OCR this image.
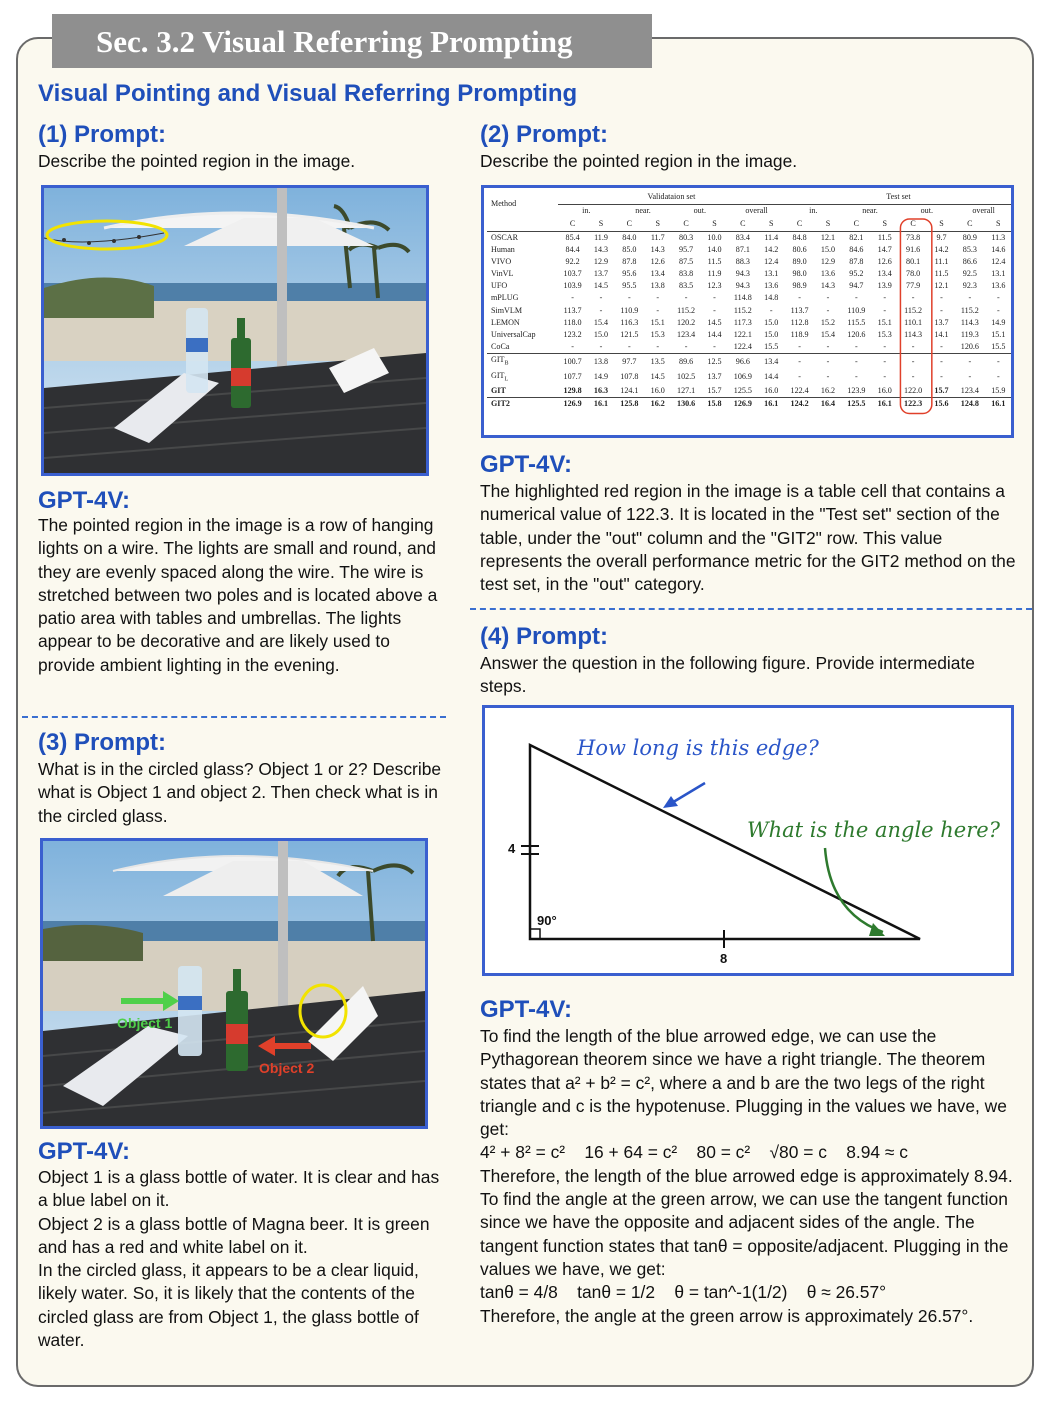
Sec. 3.2 Visual Referring Prompting
Visual Pointing and Visual Referring Prompting
(1) Prompt:
Describe the pointed region in the image.
GPT-4V:
The pointed region in the image is a row of hanging lights on a wire. The lights are small and round, and they are evenly spaced along the wire. The wire is stretched between two poles and is located above a patio area with tables and umbrellas. The lights appear to be decorative and are likely used to provide ambient lighting in the evening.
(3) Prompt:
What is in the circled glass? Object 1 or 2? Describe what is Object 1 and object 2. Then check what is in the circled glass.
Object 1
Object 2
GPT-4V:

Object 1 is a glass bottle of water. It is clear and has a blue label on it.

Object 2 is a glass bottle of Magna beer. It is green and has a red and white label on it.

In the circled glass, it appears to be a clear liquid, likely water. So, it is likely that the contents of the circled glass are from Object 1, the glass bottle of water.

(2) Prompt:
Describe the pointed region in the image.
Method	Validataion set								Test set							
	in.		near.		out.		overall		in.		near.		out.		overall	
	C	S	C	S	C	S	C	S	C	S	C	S	C	S	C	S
OSCAR	85.4	11.9	84.0	11.7	80.3	10.0	83.4	11.4	84.8	12.1	82.1	11.5	73.8	9.7	80.9	11.3
Human	84.4	14.3	85.0	14.3	95.7	14.0	87.1	14.2	80.6	15.0	84.6	14.7	91.6	14.2	85.3	14.6
VIVO	92.2	12.9	87.8	12.6	87.5	11.5	88.3	12.4	89.0	12.9	87.8	12.6	80.1	11.1	86.6	12.4
VinVL	103.7	13.7	95.6	13.4	83.8	11.9	94.3	13.1	98.0	13.6	95.2	13.4	78.0	11.5	92.5	13.1
UFO	103.9	14.5	95.5	13.8	83.5	12.3	94.3	13.6	98.9	14.3	94.7	13.9	77.9	12.1	92.3	13.6
mPLUG	-	-	-	-	-	-	114.8	14.8	-	-	-	-	-	-	-	-
SimVLM	113.7	-	110.9	-	115.2	-	115.2	-	113.7	-	110.9	-	115.2	-	115.2	-
LEMON	118.0	15.4	116.3	15.1	120.2	14.5	117.3	15.0	112.8	15.2	115.5	15.1	110.1	13.7	114.3	14.9
UniversalCap	123.2	15.0	121.5	15.3	123.4	14.4	122.1	15.0	118.9	15.4	120.6	15.3	114.3	14.1	119.3	15.1
CoCa	-	-	-	-	-	-	122.4	15.5	-	-	-	-	-	-	120.6	15.5
$GIT_B$	100.7	13.8	97.7	13.5	89.6	12.5	96.6	13.4	-	-	-	-	-	-	-	-
$GIT_L$	107.7	14.9	107.8	14.5	102.5	13.7	106.9	14.4	-	-	-	-	-	-	-	-
GIT	129.8	16.3	124.1	16.0	127.1	15.7	125.5	16.0	122.4	16.2	123.9	16.0	122.0	15.7	123.4	15.9
GIT2	126.9	16.1	125.8	16.2	130.6	15.8	126.9	16.1	124.2	16.4	125.5	16.1	122.3	15.6	124.8	16.1
GPT-4V:
The highlighted red region in the image is a table cell that contains a numerical value of 122.3. It is located in the "Test set" section of the table, under the "out" column and the "GIT2" row. This value represents the overall performance metric for the GIT2 method on the test set, in the "out" category.
(4) Prompt:
Answer the question in the following figure. Provide intermediate steps.
How long is this edge?
What is the angle here?
4
8
90°
GPT-4V:

To find the length of the blue arrowed edge, we can use the Pythagorean theorem since we have a right triangle. The theorem states that a² + b² = c², where a and b are the two legs of the right triangle and c is the hypotenuse. Plugging in the values we have, we get:

4² + 8² = c²    16 + 64 = c²    80 = c²    √80 = c    8.94 ≈ c

Therefore, the length of the blue arrowed edge is approximately 8.94.

To find the angle at the green arrow, we can use the tangent function since we have the opposite and adjacent sides of the angle. The tangent function states that tanθ = opposite/adjacent. Plugging in the values we have, we get:

tanθ = 4/8    tanθ = 1/2    θ = tan^-1(1/2)    θ ≈ 26.57°

Therefore, the angle at the green arrow is approximately 26.57°.
